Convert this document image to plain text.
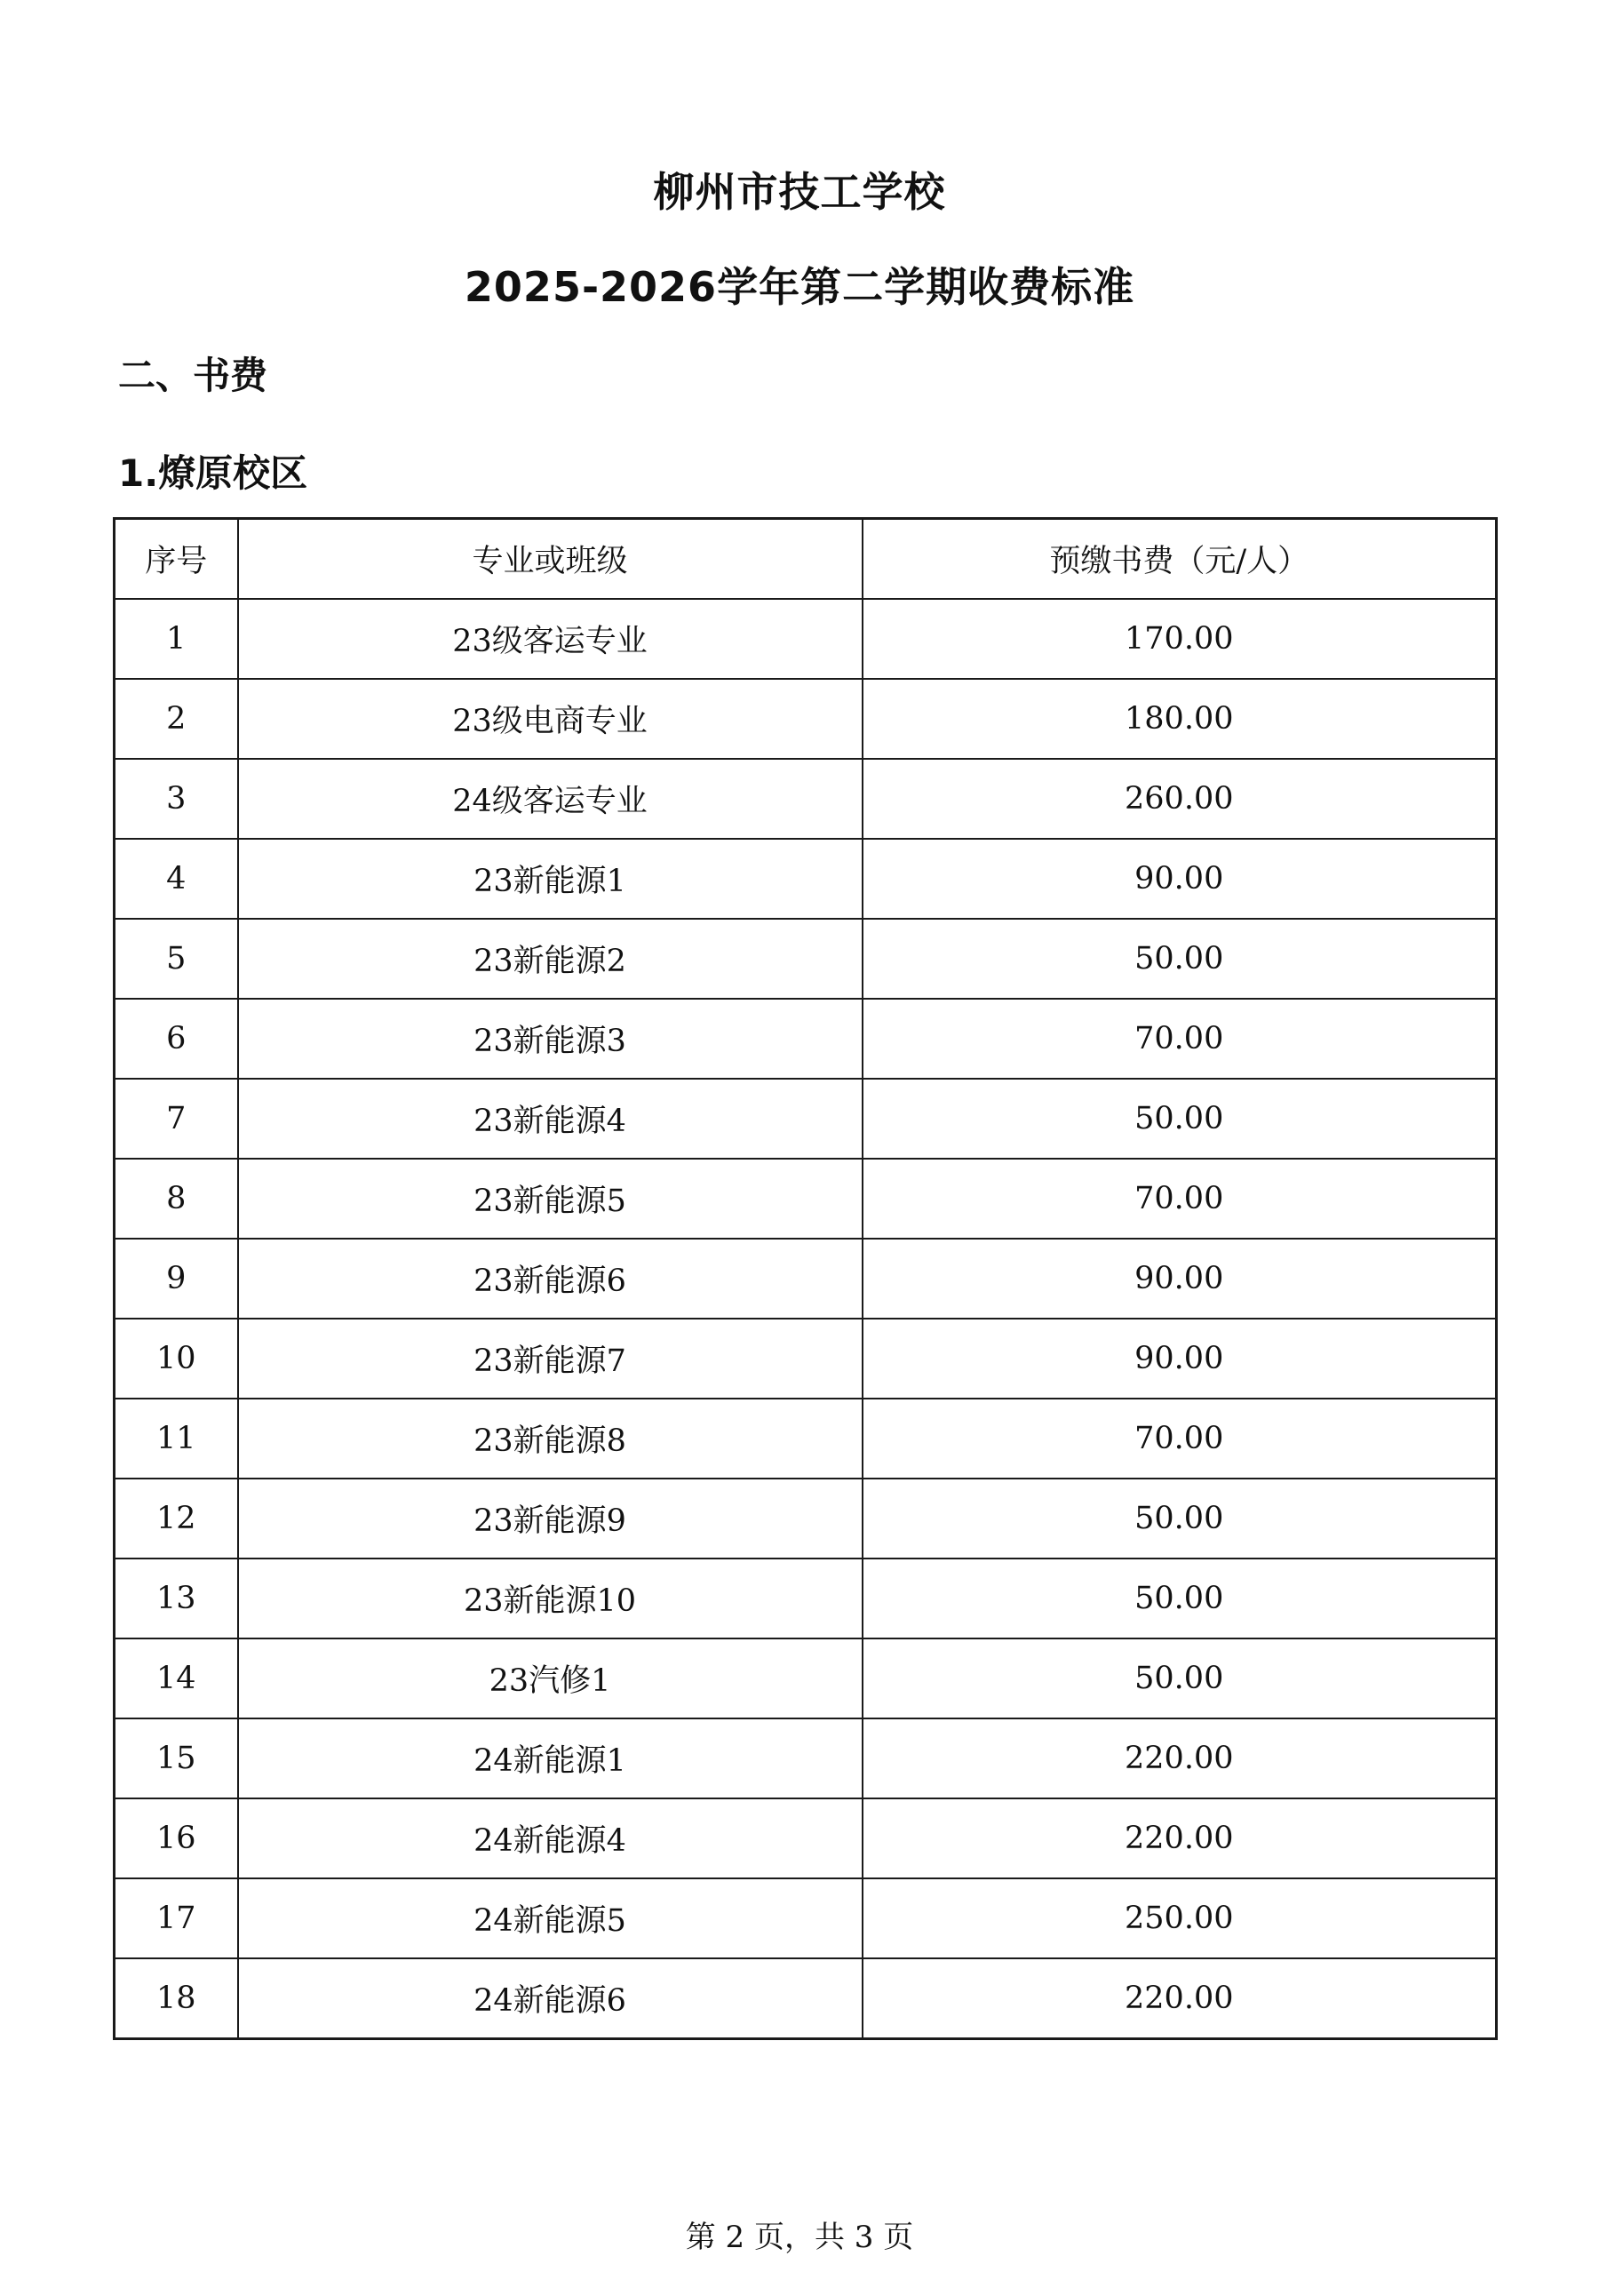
柳州市技工学校
2025-2026学年第二学期收费标准
二、书费
1.燎原校区
序号	专业或班级	预缴书费（元/人）
1	23级客运专业	170.00
2	23级电商专业	180.00
3	24级客运专业	260.00
4	23新能源1	90.00
5	23新能源2	50.00
6	23新能源3	70.00
7	23新能源4	50.00
8	23新能源5	70.00
9	23新能源6	90.00
10	23新能源7	90.00
11	23新能源8	70.00
12	23新能源9	50.00
13	23新能源10	50.00
14	23汽修1	50.00
15	24新能源1	220.00
16	24新能源4	220.00
17	24新能源5	250.00
18	24新能源6	220.00
第 2 页，共 3 页
